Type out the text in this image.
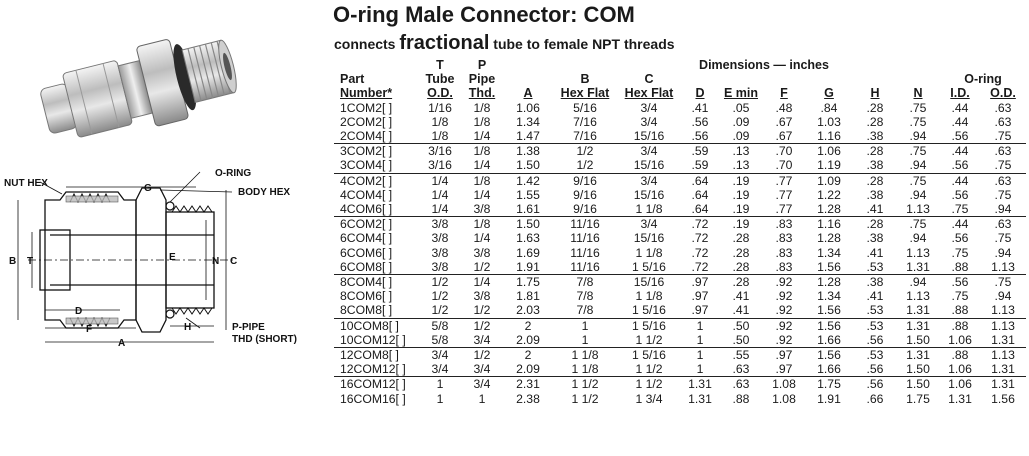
NUT HEX
O-RING
BODY HEX
G
B T	E	N C
D
F	H
A
P-PIPE
THD (SHORT)
O-ring Male Connector: COM
connects fractional tube to female NPT threads
	T	P	Dimensions — inches										
Part	Tube	Pipe		B	C							O-ring	
Number*	O.D.	Thd.	A	Hex Flat	Hex Flat	D	E min	F	G	H	N	I.D.	O.D.
1COM2[ ]	1/16	1/8	1.06	5/16	3/4	.41	.05	.48	.84	.28	.75	.44	.63
2COM2[ ]	1/8	1/8	1.34	7/16	3/4	.56	.09	.67	1.03	.28	.75	.44	.63
2COM4[ ]	1/8	1/4	1.47	7/16	15/16	.56	.09	.67	1.16	.38	.94	.56	.75
3COM2[ ]	3/16	1/8	1.38	1/2	3/4	.59	.13	.70	1.06	.28	.75	.44	.63
3COM4[ ]	3/16	1/4	1.50	1/2	15/16	.59	.13	.70	1.19	.38	.94	.56	.75
4COM2[ ]	1/4	1/8	1.42	9/16	3/4	.64	.19	.77	1.09	.28	.75	.44	.63
4COM4[ ]	1/4	1/4	1.55	9/16	15/16	.64	.19	.77	1.22	.38	.94	.56	.75
4COM6[ ]	1/4	3/8	1.61	9/16	1 1/8	.64	.19	.77	1.28	.41	1.13	.75	.94
6COM2[ ]	3/8	1/8	1.50	11/16	3/4	.72	.19	.83	1.16	.28	.75	.44	.63
6COM4[ ]	3/8	1/4	1.63	11/16	15/16	.72	.28	.83	1.28	.38	.94	.56	.75
6COM6[ ]	3/8	3/8	1.69	11/16	1 1/8	.72	.28	.83	1.34	.41	1.13	.75	.94
6COM8[ ]	3/8	1/2	1.91	11/16	1 5/16	.72	.28	.83	1.56	.53	1.31	.88	1.13
8COM4[ ]	1/2	1/4	1.75	7/8	15/16	.97	.28	.92	1.28	.38	.94	.56	.75
8COM6[ ]	1/2	3/8	1.81	7/8	1 1/8	.97	.41	.92	1.34	.41	1.13	.75	.94
8COM8[ ]	1/2	1/2	2.03	7/8	1 5/16	.97	.41	.92	1.56	.53	1.31	.88	1.13
10COM8[ ]	5/8	1/2	2	1	1 5/16	1	.50	.92	1.56	.53	1.31	.88	1.13
10COM12[ ]	5/8	3/4	2.09	1	1 1/2	1	.50	.92	1.66	.56	1.50	1.06	1.31
12COM8[ ]	3/4	1/2	2	1 1/8	1 5/16	1	.55	.97	1.56	.53	1.31	.88	1.13
12COM12[ ]	3/4	3/4	2.09	1 1/8	1 1/2	1	.63	.97	1.66	.56	1.50	1.06	1.31
16COM12[ ]	1	3/4	2.31	1 1/2	1 1/2	1.31	.63	1.08	1.75	.56	1.50	1.06	1.31
16COM16[ ]	1	1	2.38	1 1/2	1 3/4	1.31	.88	1.08	1.91	.66	1.75	1.31	1.56
